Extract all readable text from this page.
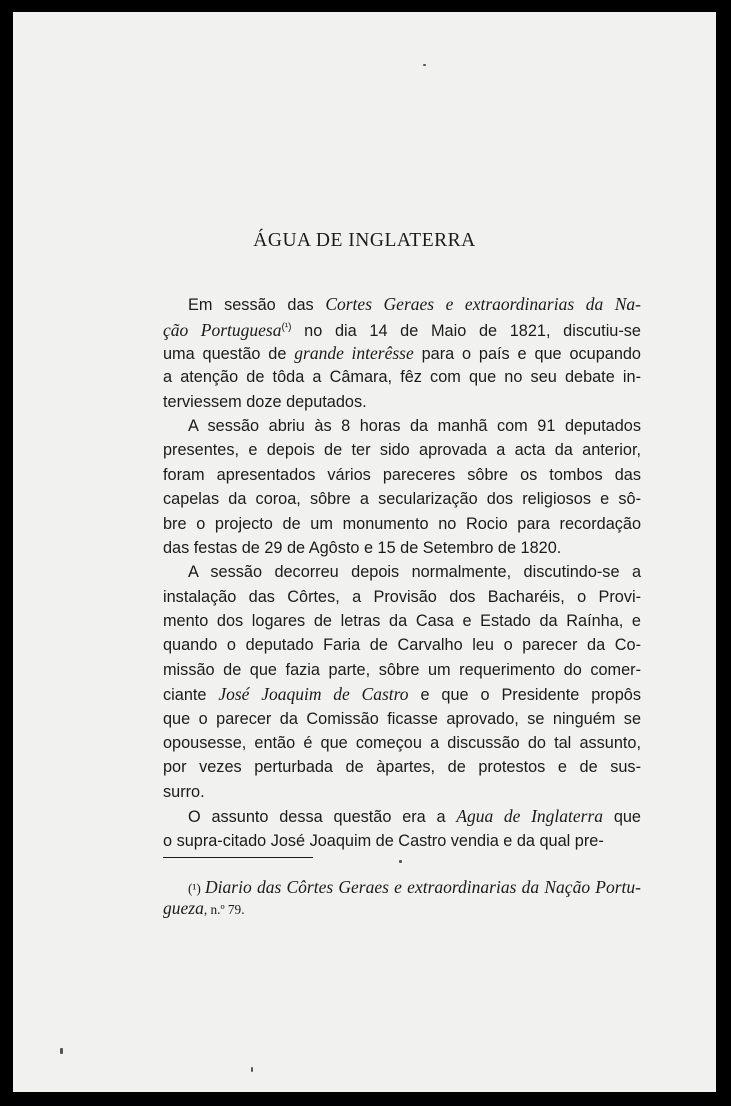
ÁGUA DE INGLATERRA
Em sessão das Cortes Geraes e extraordinarias da Na-
ção Portuguesa$^{(^1)}$ no dia 14 de Maio de 1821, discutiu-se
uma questão de grande interêsse para o país e que ocupando
a atenção de tôda a Câmara, fêz com que no seu debate in-
terviessem doze deputados.
A sessão abriu às 8 horas da manhã com 91 deputados
presentes, e depois de ter sido aprovada a acta da anterior,
foram apresentados vários pareceres sôbre os tombos das
capelas da coroa, sôbre a secularização dos religiosos e sô-
bre o projecto de um monumento no Rocio para recordação
das festas de 29 de Agôsto e 15 de Setembro de 1820.
A sessão decorreu depois normalmente, discutindo-se a
instalação das Côrtes, a Provisão dos Bacharéis, o Provi-
mento dos logares de letras da Casa e Estado da Raínha, e
quando o deputado Faria de Carvalho leu o parecer da Co-
missão de que fazia parte, sôbre um requerimento do comer-
ciante José Joaquim de Castro e que o Presidente propôs
que o parecer da Comissão ficasse aprovado, se ninguém se
opousesse, então é que começou a discussão do tal assunto,
por vezes perturbada de àpartes, de protestos e de sus-
surro.
O assunto dessa questão era a Agua de Inglaterra que
o supra-citado José Joaquim de Castro vendia e da qual pre-
(¹) Diario das Côrtes Geraes e extraordinarias da Nação Portu-
gueza, n.º 79.
